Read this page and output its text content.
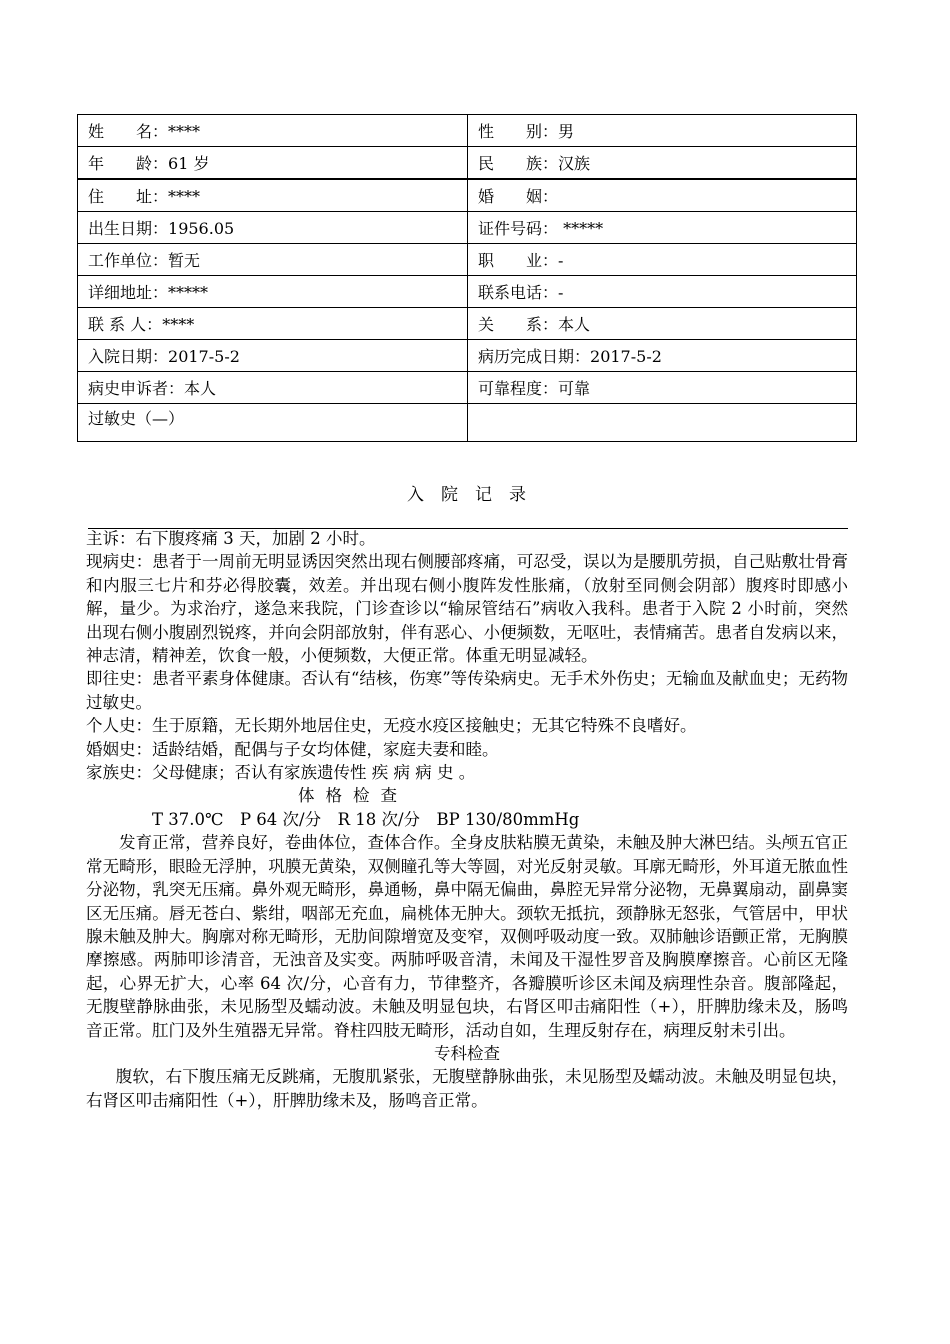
姓　　名：****	性　　别：男
年　　龄：61 岁	民　　族：汉族
住　　址：****	婚　　姻：
出生日期：1956.05	证件号码： *****
工作单位：暂无	职　　业：-
详细地址：*****	联系电话：-
联 系 人：****	关　　系：本人
入院日期：2017-5-2	病历完成日期：2017-5-2
病史申诉者：本人	可靠程度：可靠
过敏史（—）	
入院记录

主诉：右下腹疼痛 3 天，加剧 2 小时。

现病史：患者于一周前无明显诱因突然出现右侧腰部疼痛，可忍受，误以为是腰肌劳损，自己贴敷壮骨膏和内服三七片和芬必得胶囊，效差。并出现右侧小腹阵发性胀痛，（放射至同侧会阴部）腹疼时即感小解，量少。为求治疗，遂急来我院，门诊查诊以“输尿管结石”病收入我科。患者于入院 2 小时前，突然出现右侧小腹剧烈锐疼，并向会阴部放射，伴有恶心、小便频数，无呕吐，表情痛苦。患者自发病以来，神志清，精神差，饮食一般，小便频数，大便正常。体重无明显减轻。

即往史：患者平素身体健康。否认有“结核，伤寒”等传染病史。无手术外伤史；无输血及献血史；无药物过敏史。

个人史：生于原籍，无长期外地居住史，无疫水疫区接触史；无其它特殊不良嗜好。

婚姻史：适龄结婚，配偶与子女均体健，家庭夫妻和睦。

家族史：父母健康；否认有家族遗传性 疾 病 病 史 。

体格检查

T 37.0℃　P 64 次/分　R 18 次/分　BP 130/80mmHg

发育正常，营养良好，卷曲体位，查体合作。全身皮肤粘膜无黄染，未触及肿大淋巴结。头颅五官正常无畸形，眼睑无浮肿，巩膜无黄染，双侧瞳孔等大等圆，对光反射灵敏。耳廓无畸形，外耳道无脓血性分泌物，乳突无压痛。鼻外观无畸形，鼻通畅，鼻中隔无偏曲，鼻腔无异常分泌物，无鼻翼扇动，副鼻窦区无压痛。唇无苍白、紫绀，咽部无充血，扁桃体无肿大。颈软无抵抗，颈静脉无怒张，气管居中，甲状腺未触及肿大。胸廓对称无畸形，无肋间隙增宽及变窄，双侧呼吸动度一致。双肺触诊语颤正常，无胸膜摩擦感。两肺叩诊清音，无浊音及实变。两肺呼吸音清，未闻及干湿性罗音及胸膜摩擦音。心前区无隆起，心界无扩大，心率 64 次/分，心音有力，节律整齐，各瓣膜听诊区未闻及病理性杂音。腹部隆起，无腹壁静脉曲张，未见肠型及蠕动波。未触及明显包块，右肾区叩击痛阳性（+），肝脾肋缘未及，肠鸣音正常。肛门及外生殖器无异常。脊柱四肢无畸形，活动自如，生理反射存在，病理反射未引出。

专科检查

腹软，右下腹压痛无反跳痛，无腹肌紧张，无腹壁静脉曲张，未见肠型及蠕动波。未触及明显包块，右肾区叩击痛阳性（+），肝脾肋缘未及，肠鸣音正常。
